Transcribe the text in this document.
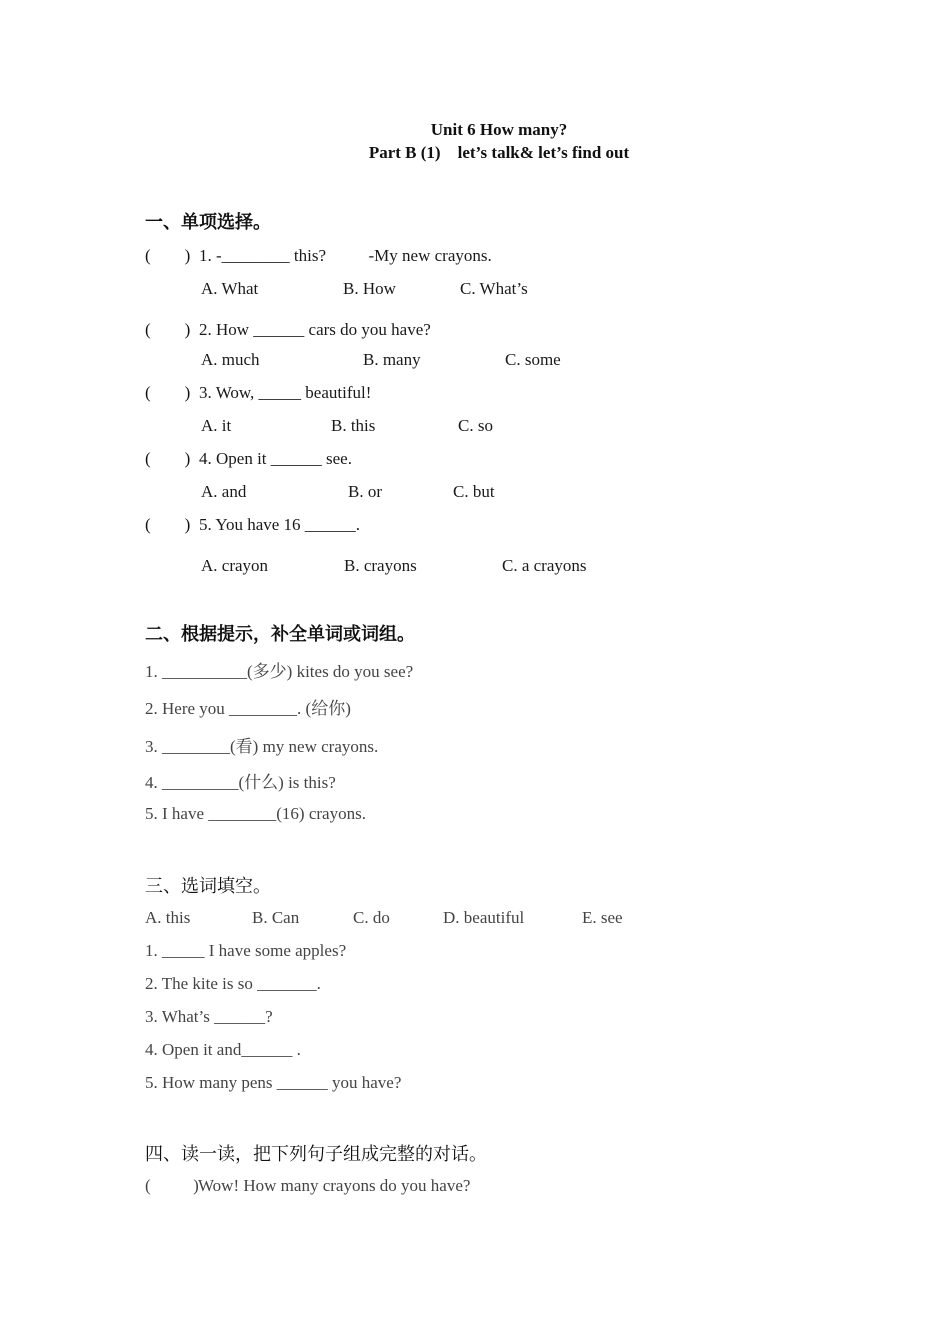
Unit 6 How many?
Part B (1)    let’s talk& let’s find out
一、单项选择。
(        ) 1. -________ this?          -My new crayons.
A. What	B. How	C. What’s
(        ) 2. How ______ cars do you have?
A. much	B. many	C. some
(        ) 3. Wow, _____ beautiful!
A. it	B. this	C. so
(        ) 4. Open it ______ see.
A. and	B. or	C. but
(        ) 5. You have 16 ______.
A. crayon	B. crayons	C. a crayons
二、根据提示，补全单词或词组。
1. __________(多少) kites do you see?
2. Here you ________. (给你)
3. ________(看) my new crayons.
4. _________(什么) is this?
5. I have ________(16) crayons.
三、选词填空。
A. this	B. Can	C. do	D. beautiful	E. see
1. _____ I have some apples?
2. The kite is so _______.
3. What’s ______?
4. Open it and______ .
5. How many pens ______ you have?
四、读一读，把下列句子组成完整的对话。
(          ) Wow! How many crayons do you have?
